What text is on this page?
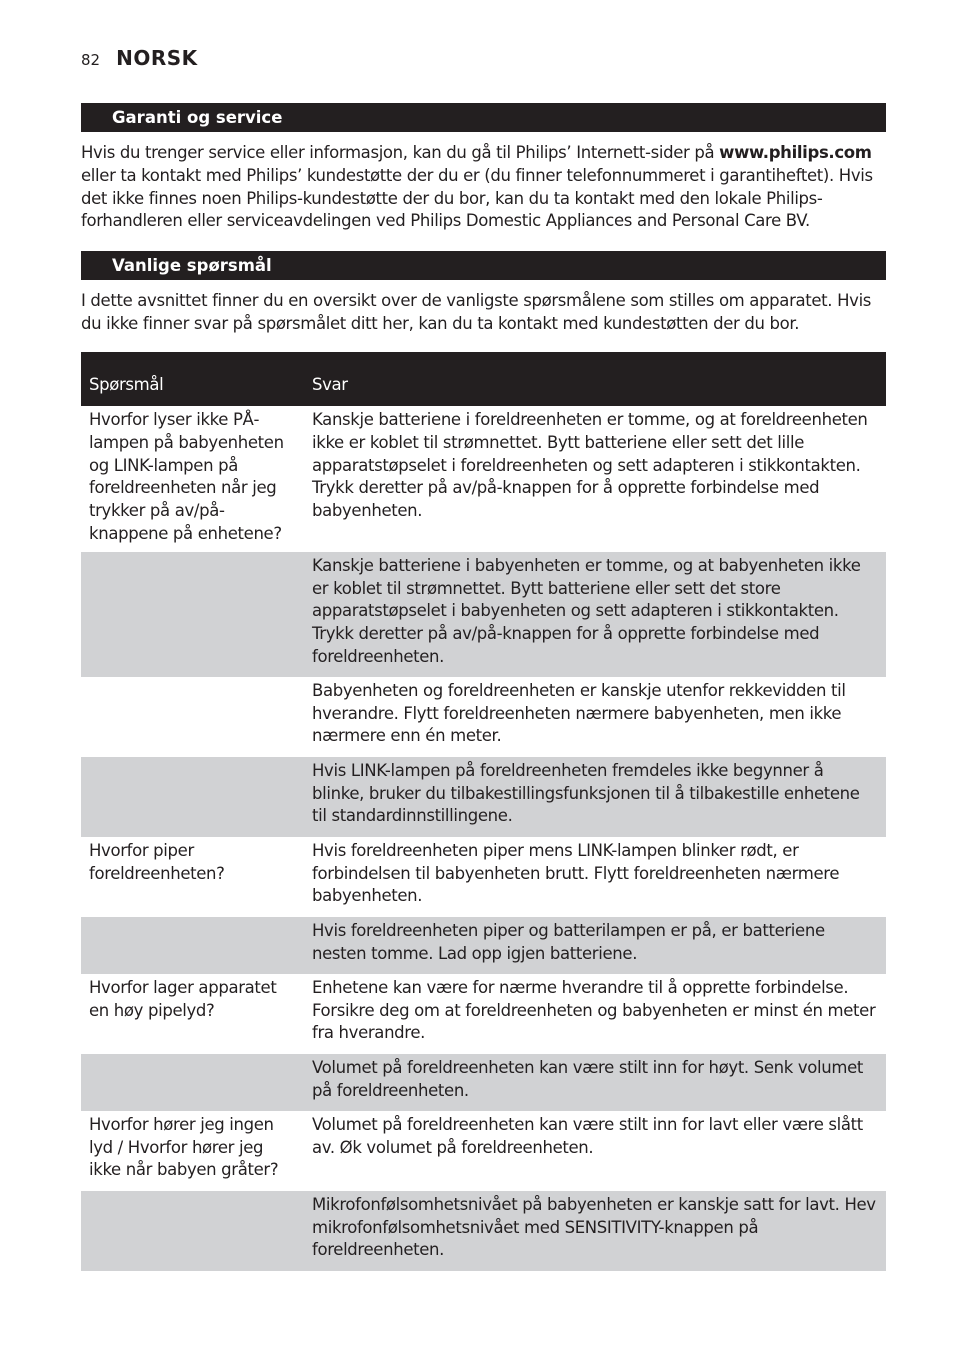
82 NORSK
Garanti og service

Hvis du trenger service eller informasjon, kan du gå til Philips’ Internett-sider på www.philips.com eller ta kontakt med Philips’ kundestøtte der du er (du finner telefonnummeret i garantiheftet). Hvis det ikke finnes noen Philips-kundestøtte der du bor, kan du ta kontakt med den lokale Philips-forhandleren eller serviceavdelingen ved Philips Domestic Appliances and Personal Care BV.

Vanlige spørsmål

I dette avsnittet finner du en oversikt over de vanligste spørsmålene som stilles om apparatet. Hvis du ikke finner svar på spørsmålet ditt her, kan du ta kontakt med kundestøtten der du bor.

Spørsmål	Svar
Hvorfor lyser ikke PÅ-lampen på babyenheten og LINK-lampen på foreldreenheten når jeg trykker på av/på-knappene på enhetene?	Kanskje batteriene i foreldreenheten er tomme, og at foreldreenheten ikke er koblet til strømnettet. Bytt batteriene eller sett det lille apparatstøpselet i foreldreenheten og sett adapteren i stikkontakten. Trykk deretter på av/på-knappen for å opprette forbindelse med babyenheten.
	Kanskje batteriene i babyenheten er tomme, og at babyenheten ikke er koblet til strømnettet. Bytt batteriene eller sett det store apparatstøpselet i babyenheten og sett adapteren i stikkontakten. Trykk deretter på av/på-knappen for å opprette forbindelse med foreldreenheten.
	Babyenheten og foreldreenheten er kanskje utenfor rekkevidden til hverandre. Flytt foreldreenheten nærmere babyenheten, men ikke nærmere enn én meter.
	Hvis LINK-lampen på foreldreenheten fremdeles ikke begynner å blinke, bruker du tilbakestillingsfunksjonen til å tilbakestille enhetene til standardinnstillingene.
Hvorfor piper foreldreenheten?	Hvis foreldreenheten piper mens LINK-lampen blinker rødt, er forbindelsen til babyenheten brutt. Flytt foreldreenheten nærmere babyenheten.
	Hvis foreldreenheten piper og batterilampen er på, er batteriene nesten tomme. Lad opp igjen batteriene.
Hvorfor lager apparatet en høy pipelyd?	Enhetene kan være for nærme hverandre til å opprette forbindelse. Forsikre deg om at foreldreenheten og babyenheten er minst én meter fra hverandre.
	Volumet på foreldreenheten kan være stilt inn for høyt. Senk volumet på foreldreenheten.
Hvorfor hører jeg ingen lyd / Hvorfor hører jeg ikke når babyen gråter?	Volumet på foreldreenheten kan være stilt inn for lavt eller være slått av. Øk volumet på foreldreenheten.
	Mikrofonfølsomhetsnivået på babyenheten er kanskje satt for lavt. Hev mikrofonfølsomhetsnivået med SENSITIVITY-knappen på foreldreenheten.
